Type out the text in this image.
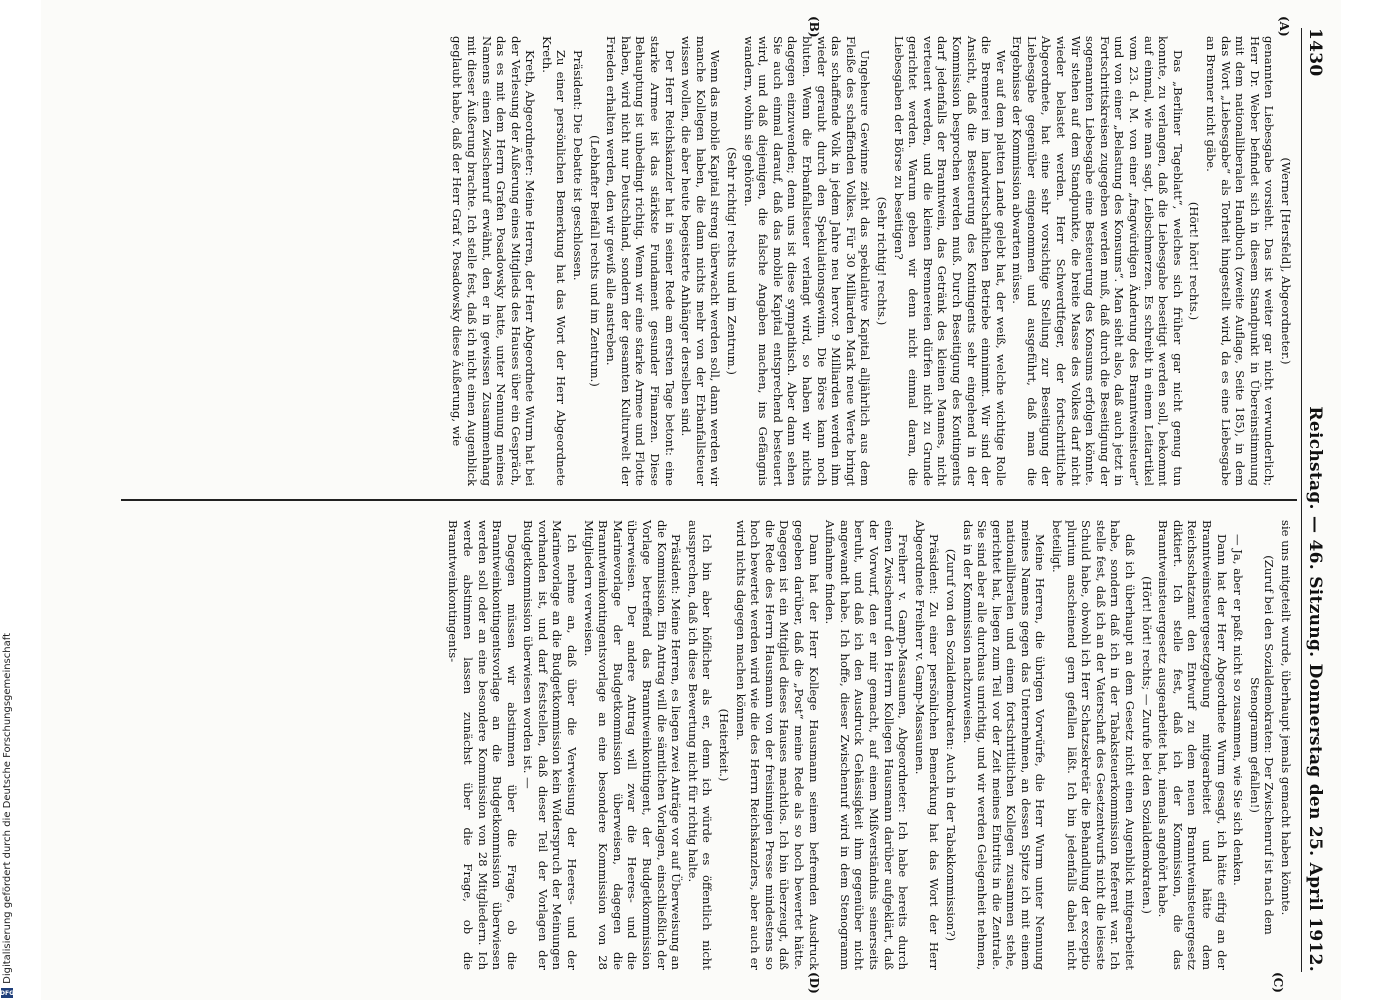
1430
Reichstag. — 46. Sitzung. Donnerstag den 25. April 1912.
(A)
(B)
(C)
(D)

(Werner [Hersfeld], Abgeordneter.)

genannten Liebesgabe vorsieht. Das ist weiter gar nicht verwunderlich; Herr Dr. Weber befindet sich in diesem Standpunkt in Übereinstimmung mit dem nationalliberalen Handbuch (zweite Auflage, Seite 185), in dem das Wort „Liebesgabe“ als Torheit hingestellt wird, da es eine Liebesgabe an Brenner nicht gäbe.

(Hört! hört! rechts.)

Das „Berliner Tageblatt“, welches sich früher gar nicht genug tun konnte, zu verlangen, daß die Liebesgabe beseitigt werden soll, bekommt auf einmal, wie man sagt, Leibschmerzen. Es schreibt in einem Leitartikel vom 23. d. M. von einer „fragwürdigen Änderung des Branntweinsteuer“ und von einer „Belastung des Konsums“. Man sieht also, daß auch jetzt in Fortschrittskreisen zugegeben werden muß, daß durch die Beseitigung der sogenannten Liebesgabe eine Besteuerung des Konsums erfolgen könnte. Wir stehen auf dem Standpunkte, die breite Masse des Volkes darf nicht wieder belastet werden. Herr Schwerdtfeger, der fortschrittliche Abgeordnete, hat eine sehr vorsichtige Stellung zur Beseitigung der Liebesgabe gegenüber eingenommen und ausgeführt, daß man die Ergebnisse der Kommission abwarten müsse.

Wer auf dem platten Lande gelebt hat, der weiß, welche wichtige Rolle die Brennerei im landwirtschaftlichen Betriebe einnimmt. Wir sind der Ansicht, daß die Besteuerung des Kontingents sehr eingehend in der Kommission besprochen werden muß. Durch Beseitigung des Kontingents darf jedenfalls der Branntwein, das Getränk des kleinen Mannes, nicht verteuert werden, und die kleinen Brennereien dürfen nicht zu Grunde gerichtet werden. Warum geben wir denn nicht einmal daran, die Liebesgaben der Börse zu beseitigen?

(Sehr richtig! rechts.)

Ungeheure Gewinne zieht das spekulative Kapital alljährlich aus dem Fleiße des schaffenden Volkes. Für 30 Milliarden Mark neue Werte bringt das schaffende Volk in jedem Jahre neu hervor. 9 Milliarden werden ihm wieder geraubt durch den Spekulationsgewinn. Die Börse kann noch bluten. Wenn die Erbanfallsteuer verlangt wird, so haben wir nichts dagegen einzuwenden; denn uns ist diese sympathisch. Aber dann sehen Sie auch einmal darauf, daß das mobile Kapital entsprechend besteuert wird, und daß diejenigen, die falsche Angaben machen, ins Gefängnis wandern, wohin sie gehören.

(Sehr richtig! rechts und im Zentrum.)

Wenn das mobile Kapital streng überwacht werden soll, dann werden wir manche Kollegen haben, die dann nichts mehr von der Erbanfallsteuer wissen wollen, die aber heute begeisterte Anhänger derselben sind.

Der Herr Reichskanzler hat in seiner Rede am ersten Tage betont: eine starke Armee ist das stärkste Fundament gesunder Finanzen. Diese Behauptung ist unbedingt richtig. Wenn wir eine starke Armee und Flotte haben, wird nicht nur Deutschland, sondern der gesamten Kulturwelt der Frieden erhalten werden, den wir gewiß alle anstreben.

(Lebhafter Beifall rechts und im Zentrum.)

Präsident: Die Debatte ist geschlossen.

Zu einer persönlichen Bemerkung hat das Wort der Herr Abgeordnete Kreth.

Kreth, Abgeordneter: Meine Herren, der Herr Abgeordnete Wurm hat bei der Verlesung der Äußerung eines Mitglieds des Hauses über ein Gespräch, das es mit dem Herrn Grafen Posadowsky hatte, unter Nennung meines Namens einen Zwischenruf erwähnt, den er in gewissen Zusammenhang mit dieser Äußerung brachte. Ich stelle fest, daß ich nicht einen Augenblick geglaubt habe, daß der Herr Graf v. Posadowsky diese Äußerung, wie

sie uns mitgeteilt wurde, überhaupt jemals gemacht haben könnte.

(Zuruf bei den Sozialdemokraten: Der Zwischenruf ist nach dem Stenogramm gefallen!)

— Ja, aber er paßt nicht so zusammen, wie Sie sich denken.

Dann hat der Herr Abgeordnete Wurm gesagt, ich hätte eifrig an der Branntweinsteuergesetzgebung mitgearbeitet und hätte dem Reichsschatzamt den Entwurf zu dem neuen Branntweinsteuergesetz diktiert. Ich stelle fest, daß ich der Kommission, die das Branntweinsteuergesetz ausgearbeitet hat, niemals angehört habe.

(Hört! hört! rechts; — Zurufe bei den Sozialdemokraten.)

daß ich überhaupt an dem Gesetz nicht einen Augenblick mitgearbeitet habe, sondern daß ich in der Tabaksteuerkommission Referent war. Ich stelle fest, daß ich an der Vaterschaft des Gesetzentwurfs nicht die leiseste Schuld habe, obwohl ich Herr Schatzsekretär die Behandlung der exceptio plurium anscheinend gern gefallen läßt. Ich bin jedenfalls dabei nicht beteiligt.

Meine Herren, die übrigen Vorwürfe, die Herr Wurm unter Nennung meines Namens gegen das Unternehmen, an dessen Spitze ich mit einem nationalliberalen und einem fortschrittlichen Kollegen zusammen stehe, gerichtet hat, liegen zum Teil vor der Zeit meines Eintritts in die Zentrale. Sie sind aber alle durchaus unrichtig, und wir werden Gelegenheit nehmen, das in der Kommission nachzuweisen.

(Zuruf von den Sozialdemokraten: Auch in der Tabakkommission?)

Präsident: Zu einer persönlichen Bemerkung hat das Wort der Herr Abgeordnete Freiherr v. Gamp-Massaunen.

Freiherr v. Gamp-Massaunen, Abgeordneter: Ich habe bereits durch einen Zwischenruf den Herrn Kollegen Hausmann darüber aufgeklärt, daß der Vorwurf, den er mir gemacht, auf einem Mißverständnis seinerseits beruht, und daß ich den Ausdruck Gehässigkeit ihm gegenüber nicht angewandt habe. Ich hoffe, dieser Zwischenruf wird in dem Stenogramm Aufnahme finden.

Dann hat der Herr Kollege Hausmann seinem befremden Ausdruck gegeben darüber, daß die „Post“ meine Rede als so hoch bewertet hätte. Dagegen ist ein Mitglied dieses Hauses machtlos. Ich bin überzeugt, daß die Rede des Herrn Hausmann von der freisinnigen Presse mindestens so hoch bewertet werden wird wie die des Herrn Reichskanzlers, aber auch er wird nichts dagegen machen können.

(Heiterkeit.)

Ich bin aber höflicher als er, denn ich würde es öffentlich nicht aussprechen, daß ich diese Bewertung nicht für richtig halte.

Präsident: Meine Herren, es liegen zwei Anträge vor auf Überweisung an die Kommission. Ein Antrag will die sämtlichen Vorlagen, einschließlich der Vorlage betreffend das Branntweinkontingent, der Budgetkommission überweisen. Der andere Antrag will zwar die Heeres- und die Marinevorlage der Budgetkommission überweisen, dagegen die Branntweinkontingentsvorlage an eine besondere Kommission von 28 Mitgliedern verweisen.

Ich nehme an, daß über die Verweisung der Heeres- und der Marinevorlage an die Budgetkommission kein Widerspruch der Meinungen vorhanden ist, und darf feststellen, daß dieser Teil der Vorlagen der Budgetkommission überwiesen worden ist. —

Dagegen müssen wir abstimmen über die Frage, ob die Branntweinkontingentsvorlage an die Budgetkommission überwiesen werden soll oder an eine besondere Kommission von 28 Mitgliedern. Ich werde abstimmen lassen zunächst über die Frage, ob die Branntweinkontingents-

DFG
Digitalisierung gefördert durch die Deutsche Forschungsgemeinschaft
